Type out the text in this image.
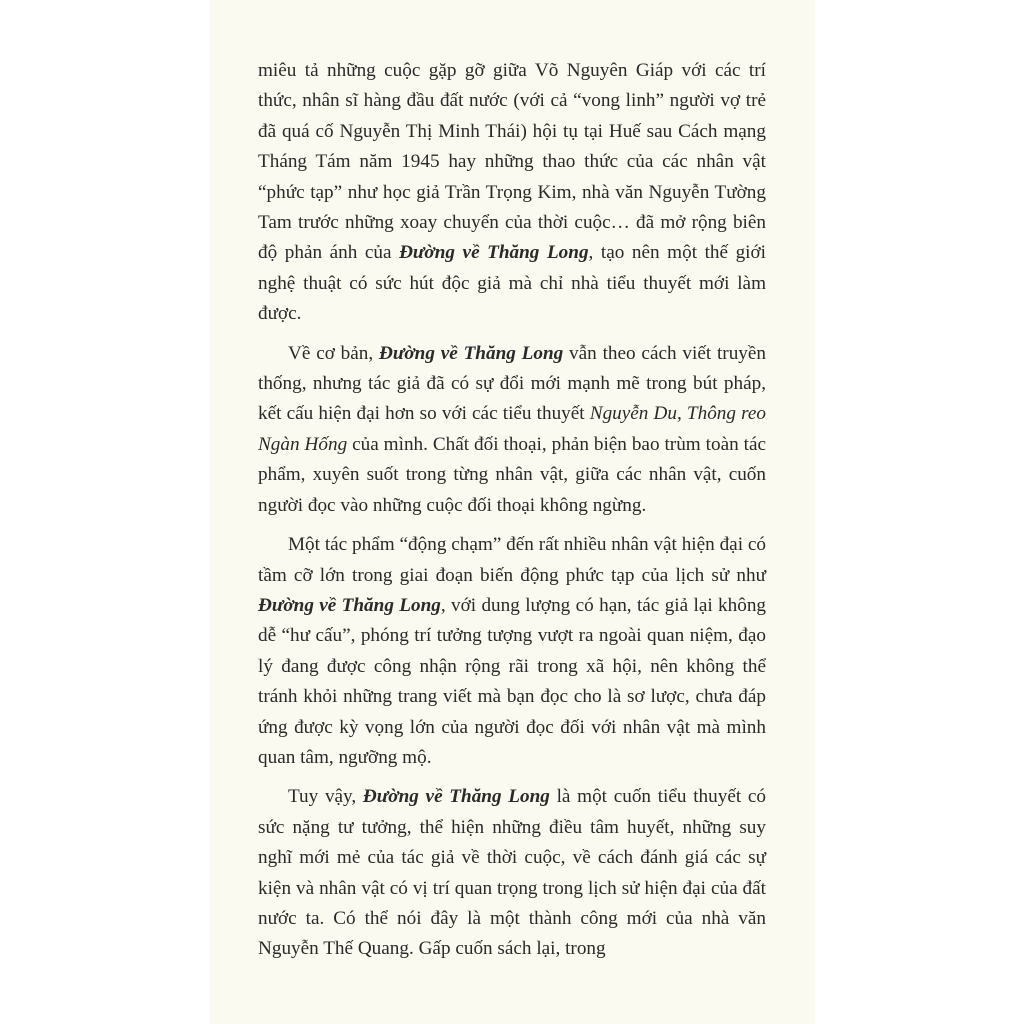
miêu tả những cuộc gặp gỡ giữa Võ Nguyên Giáp với các trí thức, nhân sĩ hàng đầu đất nước (với cả “vong linh” người vợ trẻ đã quá cố Nguyễn Thị Minh Thái) hội tụ tại Huế sau Cách mạng Tháng Tám năm 1945 hay những thao thức của các nhân vật “phức tạp” như học giả Trần Trọng Kim, nhà văn Nguyễn Tường Tam trước những xoay chuyển của thời cuộc… đã mở rộng biên độ phản ánh của Đường về Thăng Long, tạo nên một thế giới nghệ thuật có sức hút độc giả mà chỉ nhà tiểu thuyết mới làm được.

Về cơ bản, Đường về Thăng Long vẫn theo cách viết truyền thống, nhưng tác giả đã có sự đổi mới mạnh mẽ trong bút pháp, kết cấu hiện đại hơn so với các tiểu thuyết Nguyễn Du, Thông reo Ngàn Hống của mình. Chất đối thoại, phản biện bao trùm toàn tác phẩm, xuyên suốt trong từng nhân vật, giữa các nhân vật, cuốn người đọc vào những cuộc đối thoại không ngừng.

Một tác phẩm “động chạm” đến rất nhiều nhân vật hiện đại có tầm cỡ lớn trong giai đoạn biến động phức tạp của lịch sử như Đường về Thăng Long, với dung lượng có hạn, tác giả lại không dễ “hư cấu”, phóng trí tưởng tượng vượt ra ngoài quan niệm, đạo lý đang được công nhận rộng rãi trong xã hội, nên không thể tránh khỏi những trang viết mà bạn đọc cho là sơ lược, chưa đáp ứng được kỳ vọng lớn của người đọc đối với nhân vật mà mình quan tâm, ngưỡng mộ.

Tuy vậy, Đường về Thăng Long là một cuốn tiểu thuyết có sức nặng tư tưởng, thể hiện những điều tâm huyết, những suy nghĩ mới mẻ của tác giả về thời cuộc, về cách đánh giá các sự kiện và nhân vật có vị trí quan trọng trong lịch sử hiện đại của đất nước ta. Có thể nói đây là một thành công mới của nhà văn Nguyễn Thế Quang. Gấp cuốn sách lại, trong
